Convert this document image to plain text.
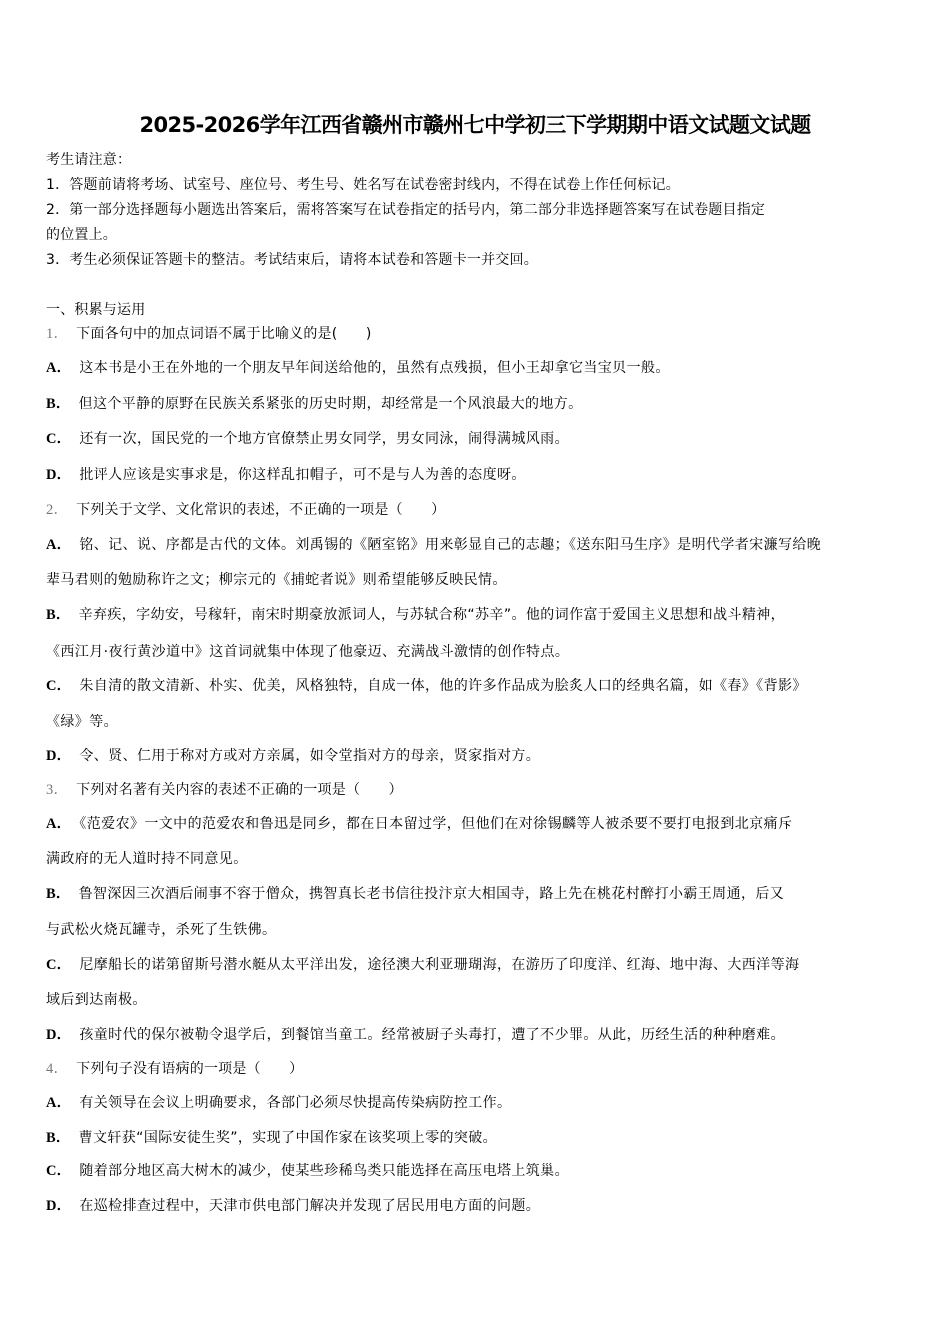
2025-2026学年江西省赣州市赣州七中学初三下学期期中语文试题文试题
考生请注意：
1．答题前请将考场、试室号、座位号、考生号、姓名写在试卷密封线内，不得在试卷上作任何标记。
2．第一部分选择题每小题选出答案后，需将答案写在试卷指定的括号内，第二部分非选择题答案写在试卷题目指定
的位置上。
3．考生必须保证答题卡的整洁。考试结束后，请将本试卷和答题卡一并交回。
一、积累与运用
1． 下面各句中的加点词语不属于比喻义的是(　　)
A． 这本书是小王在外地的一个朋友早年间送给他的，虽然有点残损，但小王却拿它当宝贝一般。
B． 但这个平静的原野在民族关系紧张的历史时期，却经常是一个风浪最大的地方。
C． 还有一次，国民党的一个地方官僚禁止男女同学，男女同泳，闹得满城风雨。
D． 批评人应该是实事求是，你这样乱扣帽子，可不是与人为善的态度呀。
2． 下列关于文学、文化常识的表述，不正确的一项是（　　）
A． 铭、记、说、序都是古代的文体。刘禹锡的《陋室铭》用来彰显自己的志趣；《送东阳马生序》是明代学者宋濂写给晚
辈马君则的勉励称许之文；柳宗元的《捕蛇者说》则希望能够反映民情。
B． 辛弃疾，字幼安，号稼轩，南宋时期豪放派词人，与苏轼合称“苏辛”。他的词作富于爱国主义思想和战斗精神，
《西江月·夜行黄沙道中》这首词就集中体现了他豪迈、充满战斗激情的创作特点。
C． 朱自清的散文清新、朴实、优美，风格独特，自成一体，他的许多作品成为脍炙人口的经典名篇，如《春》《背影》
《绿》等。
D． 令、贤、仁用于称对方或对方亲属，如令堂指对方的母亲，贤家指对方。
3． 下列对名著有关内容的表述不正确的一项是（　　）
A． 《范爱农》一文中的范爱农和鲁迅是同乡，都在日本留过学，但他们在对徐锡麟等人被杀要不要打电报到北京痛斥
满政府的无人道时持不同意见。
B． 鲁智深因三次酒后闹事不容于僧众，携智真长老书信往投汴京大相国寺，路上先在桃花村醉打小霸王周通，后又
与武松火烧瓦罐寺，杀死了生铁佛。
C． 尼摩船长的诺第留斯号潜水艇从太平洋出发，途径澳大利亚珊瑚海，在游历了印度洋、红海、地中海、大西洋等海
域后到达南极。
D． 孩童时代的保尔被勒令退学后，到餐馆当童工。经常被厨子头毒打，遭了不少罪。从此，历经生活的种种磨难。
4． 下列句子没有语病的一项是（　　）
A． 有关领导在会议上明确要求，各部门必须尽快提高传染病防控工作。
B． 曹文轩获“国际安徒生奖”，实现了中国作家在该奖项上零的突破。
C． 随着部分地区高大树木的减少，使某些珍稀鸟类只能选择在高压电塔上筑巢。
D． 在巡检排查过程中，天津市供电部门解决并发现了居民用电方面的问题。
